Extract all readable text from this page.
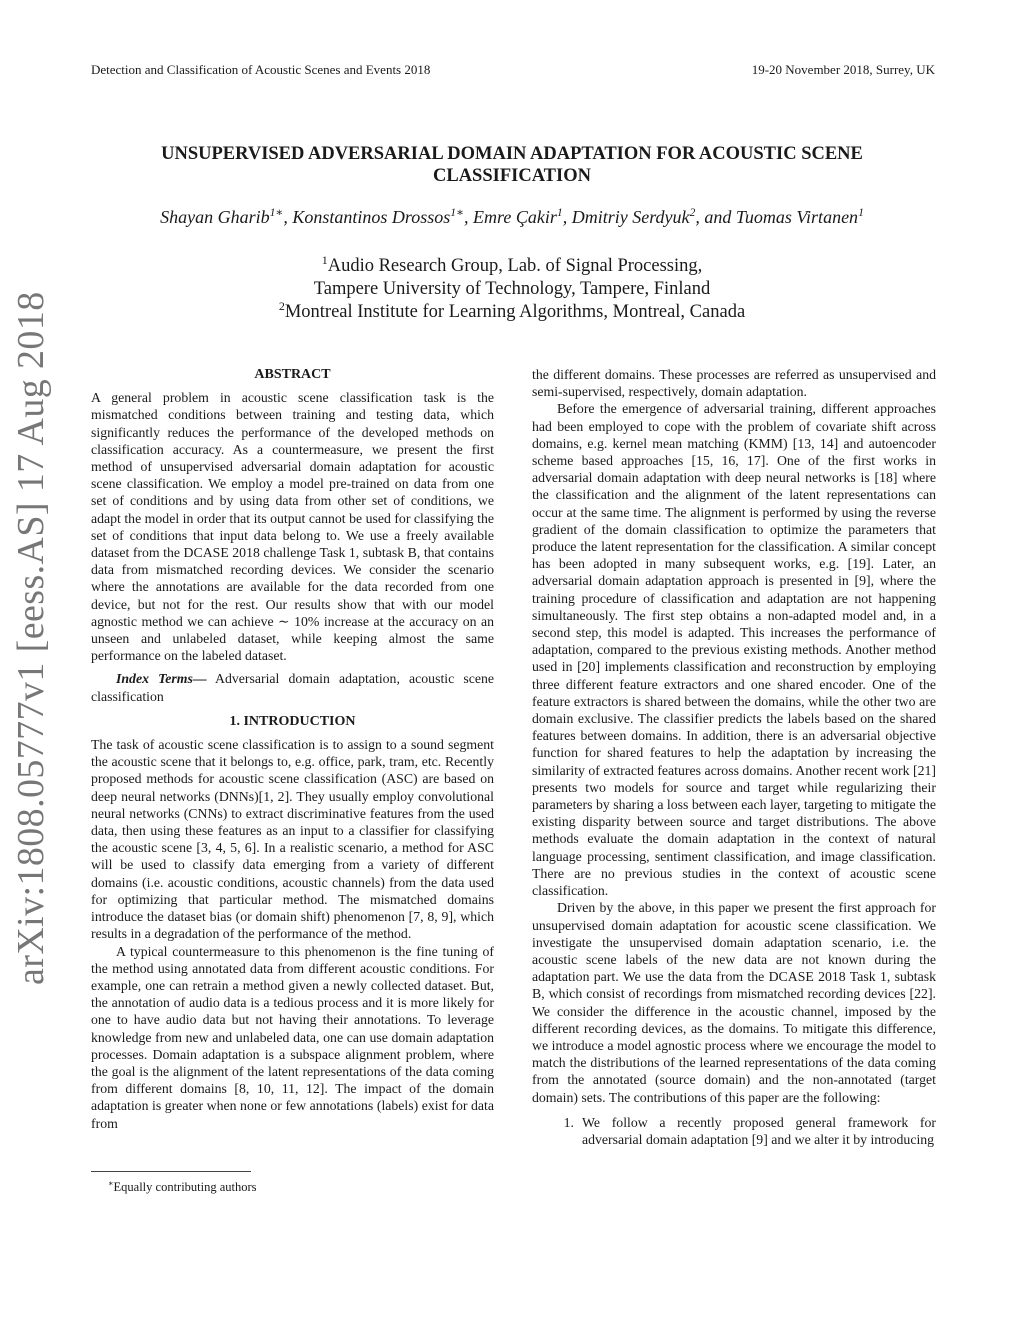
Detection and Classification of Acoustic Scenes and Events 2018	19-20 November 2018, Surrey, UK
arXiv:1808.05777v1 [eess.AS] 17 Aug 2018
UNSUPERVISED ADVERSARIAL DOMAIN ADAPTATION FOR ACOUSTIC SCENE
CLASSIFICATION
Shayan Gharib$^{1∗}$, Konstantinos Drossos$^{1∗}$, Emre Çakir$^1$, Dmitriy Serdyuk$^2$, and Tuomas Virtanen$^1$
$^1$Audio Research Group, Lab. of Signal Processing,
Tampere University of Technology, Tampere, Finland
$^2$Montreal Institute for Learning Algorithms, Montreal, Canada
ABSTRACT

A general problem in acoustic scene classification task is the mismatched conditions between training and testing data, which significantly reduces the performance of the developed methods on classification accuracy. As a countermeasure, we present the first method of unsupervised adversarial domain adaptation for acoustic scene classification. We employ a model pre-trained on data from one set of conditions and by using data from other set of conditions, we adapt the model in order that its output cannot be used for classifying the set of conditions that input data belong to. We use a freely available dataset from the DCASE 2018 challenge Task 1, subtask B, that contains data from mismatched recording devices. We consider the scenario where the annotations are available for the data recorded from one device, but not for the rest. Our results show that with our model agnostic method we can achieve ∼ 10% increase at the accuracy on an unseen and unlabeled dataset, while keeping almost the same performance on the labeled dataset.

Index Terms— Adversarial domain adaptation, acoustic scene classification

1. INTRODUCTION

The task of acoustic scene classification is to assign to a sound segment the acoustic scene that it belongs to, e.g. office, park, tram, etc. Recently proposed methods for acoustic scene classification (ASC) are based on deep neural networks (DNNs)[1, 2]. They usually employ convolutional neural networks (CNNs) to extract discriminative features from the used data, then using these features as an input to a classifier for classifying the acoustic scene [3, 4, 5, 6]. In a realistic scenario, a method for ASC will be used to classify data emerging from a variety of different domains (i.e. acoustic conditions, acoustic channels) from the data used for optimizing that particular method. The mismatched domains introduce the dataset bias (or domain shift) phenomenon [7, 8, 9], which results in a degradation of the performance of the method.

A typical countermeasure to this phenomenon is the fine tuning of the method using annotated data from different acoustic conditions. For example, one can retrain a method given a newly collected dataset. But, the annotation of audio data is a tedious process and it is more likely for one to have audio data but not having their annotations. To leverage knowledge from new and unlabeled data, one can use domain adaptation processes. Domain adaptation is a subspace alignment problem, where the goal is the alignment of the latent representations of the data coming from different domains [8, 10, 11, 12]. The impact of the domain adaptation is greater when none or few annotations (labels) exist for data from

the different domains. These processes are referred as unsupervised and semi-supervised, respectively, domain adaptation.

Before the emergence of adversarial training, different approaches had been employed to cope with the problem of covariate shift across domains, e.g. kernel mean matching (KMM) [13, 14] and autoencoder scheme based approaches [15, 16, 17]. One of the first works in adversarial domain adaptation with deep neural networks is [18] where the classification and the alignment of the latent representations can occur at the same time. The alignment is performed by using the reverse gradient of the domain classification to optimize the parameters that produce the latent representation for the classification. A similar concept has been adopted in many subsequent works, e.g. [19]. Later, an adversarial domain adaptation approach is presented in [9], where the training procedure of classification and adaptation are not happening simultaneously. The first step obtains a non-adapted model and, in a second step, this model is adapted. This increases the performance of adaptation, compared to the previous existing methods. Another method used in [20] implements classification and reconstruction by employing three different feature extractors and one shared encoder. One of the feature extractors is shared between the domains, while the other two are domain exclusive. The classifier predicts the labels based on the shared features between domains. In addition, there is an adversarial objective function for shared features to help the adaptation by increasing the similarity of extracted features across domains. Another recent work [21] presents two models for source and target while regularizing their parameters by sharing a loss between each layer, targeting to mitigate the existing disparity between source and target distributions. The above methods evaluate the domain adaptation in the context of natural language processing, sentiment classification, and image classification. There are no previous studies in the context of acoustic scene classification.

Driven by the above, in this paper we present the first approach for unsupervised domain adaptation for acoustic scene classification. We investigate the unsupervised domain adaptation scenario, i.e. the acoustic scene labels of the new data are not known during the adaptation part. We use the data from the DCASE 2018 Task 1, subtask B, which consist of recordings from mismatched recording devices [22]. We consider the difference in the acoustic channel, imposed by the different recording devices, as the domains. To mitigate this difference, we introduce a model agnostic process where we encourage the model to match the distributions of the learned representations of the data coming from the annotated (source domain) and the non-annotated (target domain) sets. The contributions of this paper are the following:

1. We follow a recently proposed general framework for adversarial domain adaptation [9] and we alter it by introducing

∗Equally contributing authors
